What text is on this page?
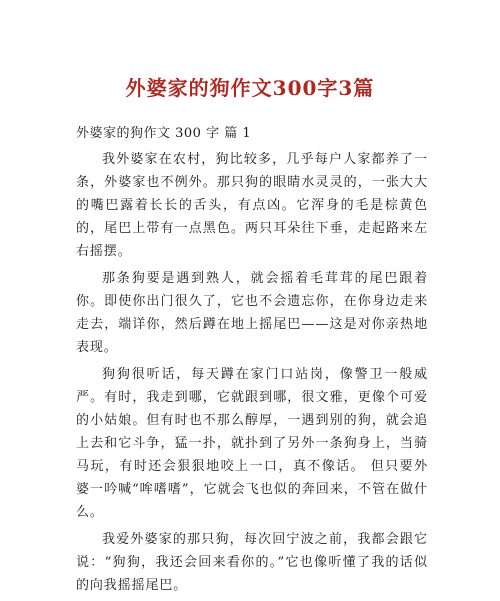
外婆家的狗作文300字3篇
外婆家的狗作文 300 字 篇 1

我外婆家在农村，狗比较多，几乎每户人家都养了一条，外婆家也不例外。那只狗的眼睛水灵灵的，一张大大的嘴巴露着长长的舌头，有点凶。它浑身的毛是棕黄色的，尾巴上带有一点黑色。两只耳朵往下垂，走起路来左右摇摆。

那条狗要是遇到熟人，就会摇着毛茸茸的尾巴跟着你。即使你出门很久了，它也不会遗忘你，在你身边走来走去，端详你，然后蹲在地上摇尾巴——这是对你亲热地表现。

狗狗很听话，每天蹲在家门口站岗，像警卫一般威严。有时，我走到哪，它就跟到哪，很文雅，更像个可爱的小姑娘。但有时也不那么醇厚，一遇到别的狗，就会追上去和它斗争，猛一扑，就扑到了另外一条狗身上，当骑马玩，有时还会狠狠地咬上一口，真不像话。 但只要外婆一吟喊“哞嗜嗜”，它就会飞也似的奔回来，不管在做什么。

我爱外婆家的那只狗，每次回宁波之前，我都会跟它说：“狗狗，我还会回来看你的。”它也像听懂了我的话似的向我摇摇尾巴。
